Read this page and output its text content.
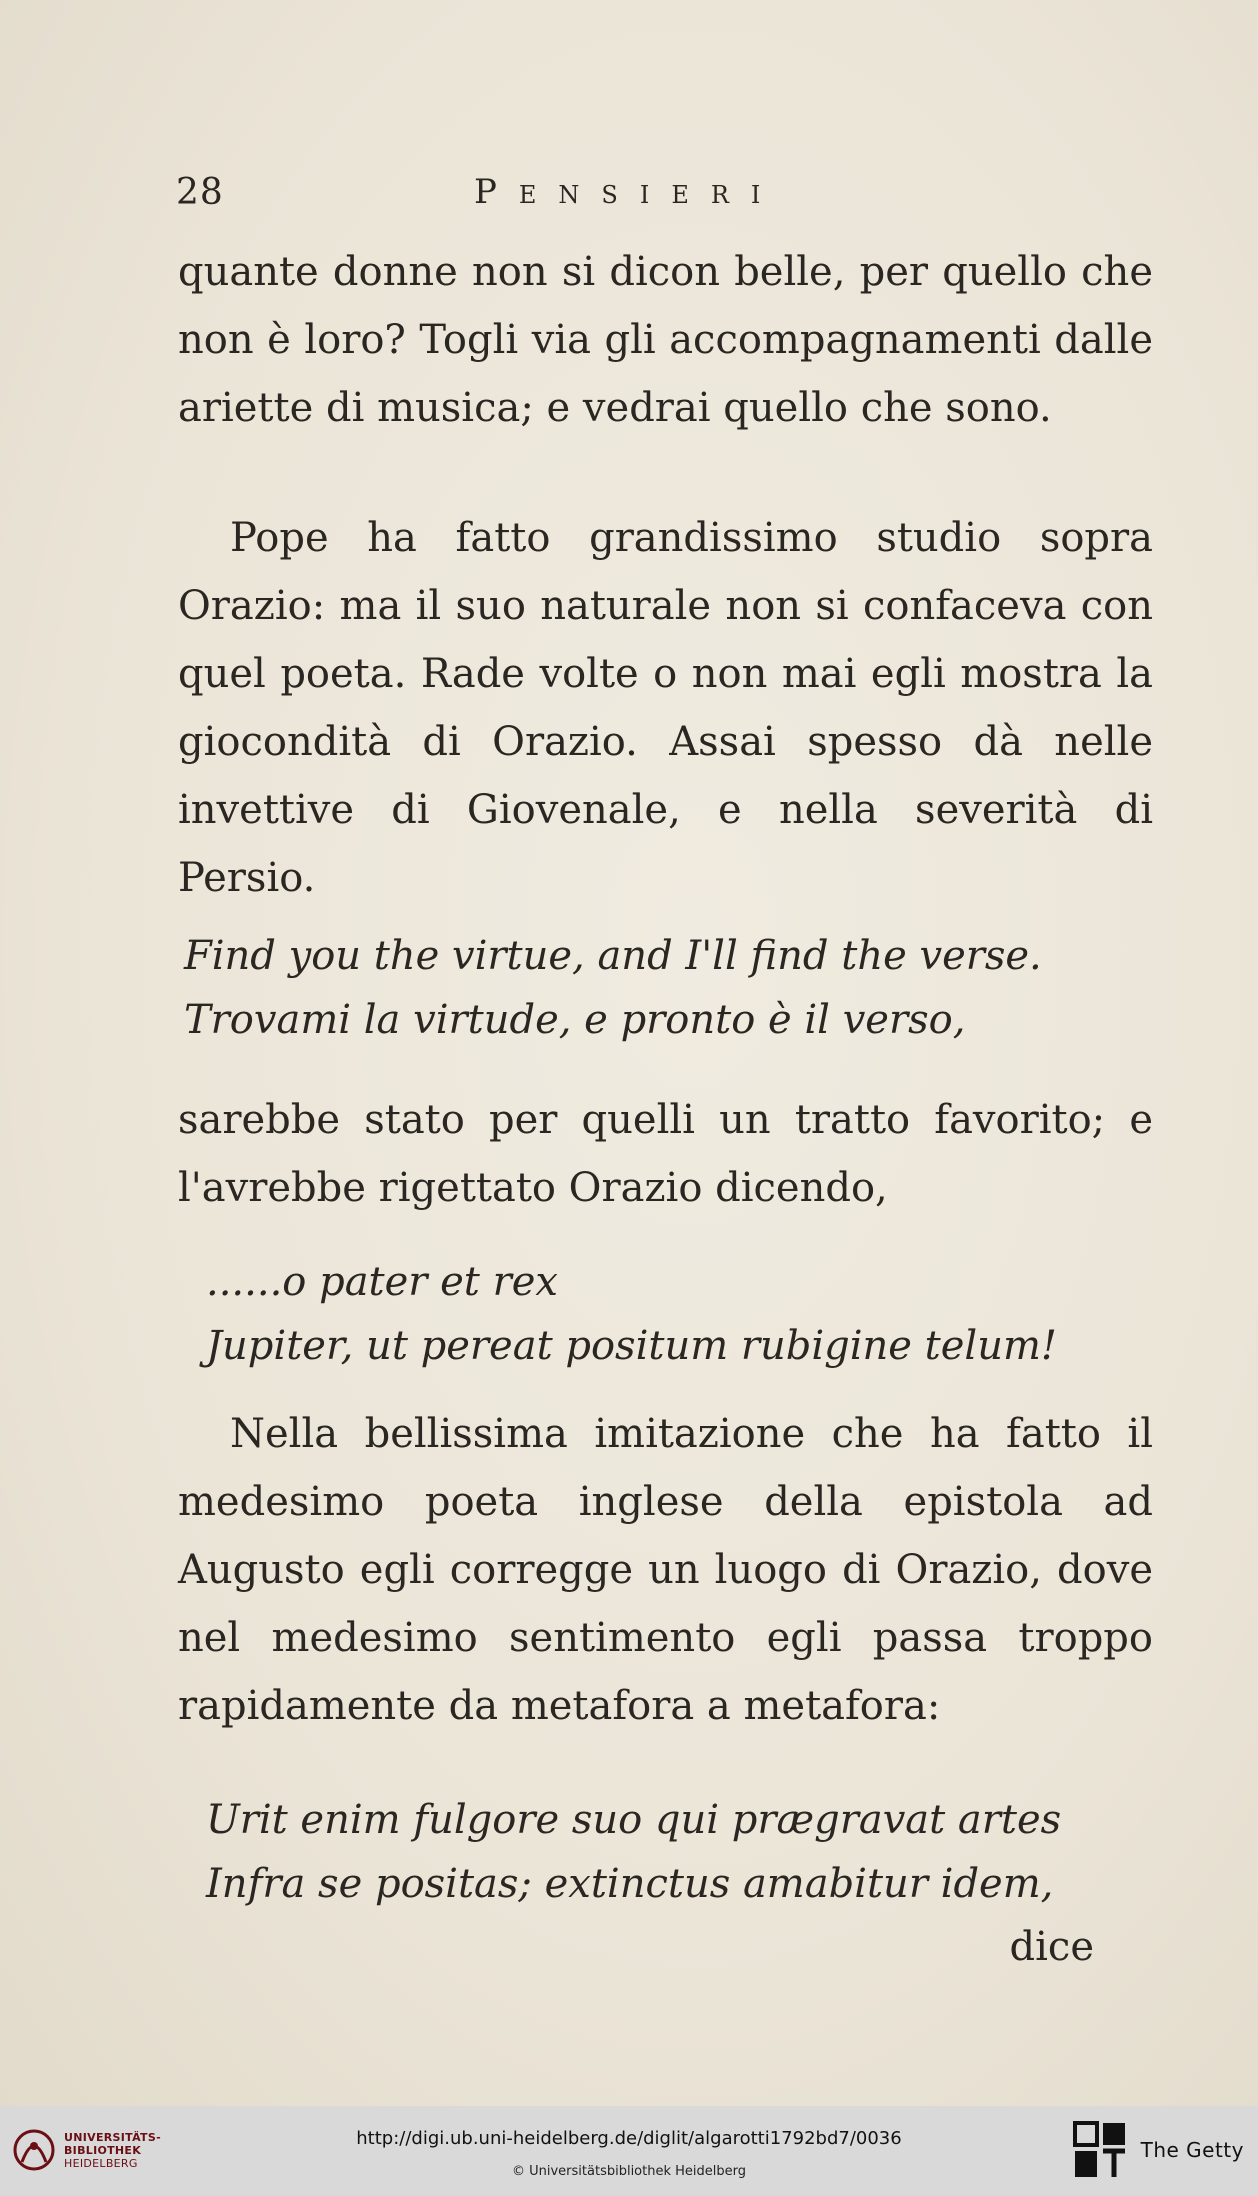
28	Pensieri

quante donne non si dicon belle, per quello che non è loro? Togli via gli accompagnamenti dalle ariette di musica; e vedrai quello che sono.

Pope ha fatto grandissimo studio sopra Orazio: ma il suo naturale non si confaceva con quel poeta. Rade volte o non mai egli mostra la giocondità di Orazio. Assai spesso dà nelle invettive di Giovenale, e nella severità di Persio.

Find you the virtue, and I'll find the verse.
Trovami la virtude, e pronto è il verso,

sarebbe stato per quelli un tratto favorito; e l'avrebbe rigettato Orazio dicendo,

......o pater et rex
Jupiter, ut pereat positum rubigine telum!

Nella bellissima imitazione che ha fatto il medesimo poeta inglese della epistola ad Augusto egli corregge un luogo di Orazio, dove nel medesimo sentimento egli passa troppo rapidamente da metafora a metafora:

Urit enim fulgore suo qui prægravat artes
Infra se positas; extinctus amabitur idem,
dice
UNIVERSITÄTS-
BIBLIOTHEK
HEIDELBERG
http://digi.ub.uni-heidelberg.de/diglit/algarotti1792bd7/0036
© Universitätsbibliothek Heidelberg
The Getty
